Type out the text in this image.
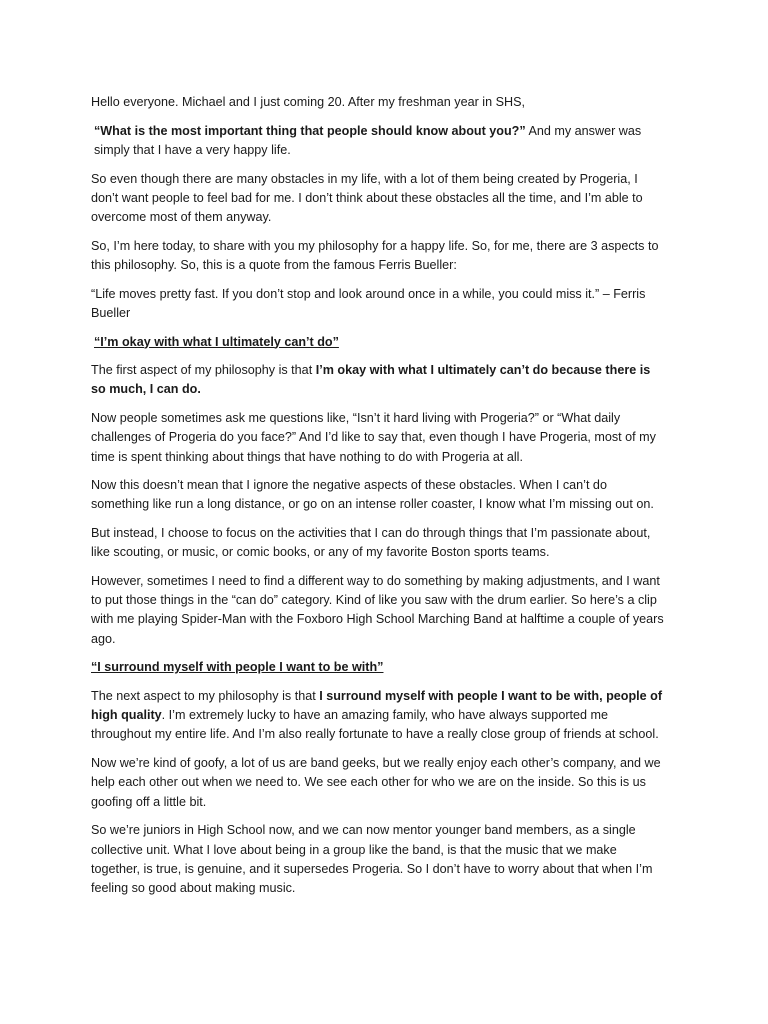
Hello everyone. Michael and I just coming 20. After my freshman year in SHS,

“What is the most important thing that people should know about you?” And my answer was simply that I have a very happy life.

So even though there are many obstacles in my life, with a lot of them being created by Progeria, I don’t want people to feel bad for me. I don’t think about these obstacles all the time, and I’m able to overcome most of them anyway.

So, I’m here today, to share with you my philosophy for a happy life. So, for me, there are 3 aspects to this philosophy. So, this is a quote from the famous Ferris Bueller:

“Life moves pretty fast. If you don’t stop and look around once in a while, you could miss it.” – Ferris Bueller

“I’m okay with what I ultimately can’t do”

The first aspect of my philosophy is that I’m okay with what I ultimately can’t do because there is so much, I can do.

Now people sometimes ask me questions like, “Isn’t it hard living with Progeria?” or “What daily challenges of Progeria do you face?” And I’d like to say that, even though I have Progeria, most of my time is spent thinking about things that have nothing to do with Progeria at all.

Now this doesn’t mean that I ignore the negative aspects of these obstacles. When I can’t do something like run a long distance, or go on an intense roller coaster, I know what I’m missing out on.

But instead, I choose to focus on the activities that I can do through things that I’m passionate about, like scouting, or music, or comic books, or any of my favorite Boston sports teams.

However, sometimes I need to find a different way to do something by making adjustments, and I want to put those things in the “can do” category. Kind of like you saw with the drum earlier. So here’s a clip with me playing Spider-Man with the Foxboro High School Marching Band at halftime a couple of years ago.

“I surround myself with people I want to be with”

The next aspect to my philosophy is that I surround myself with people I want to be with, people of high quality. I’m extremely lucky to have an amazing family, who have always supported me throughout my entire life. And I’m also really fortunate to have a really close group of friends at school.

Now we’re kind of goofy, a lot of us are band geeks, but we really enjoy each other’s company, and we help each other out when we need to. We see each other for who we are on the inside. So this is us goofing off a little bit.

So we’re juniors in High School now, and we can now mentor younger band members, as a single collective unit. What I love about being in a group like the band, is that the music that we make together, is true, is genuine, and it supersedes Progeria. So I don’t have to worry about that when I’m feeling so good about making music.
